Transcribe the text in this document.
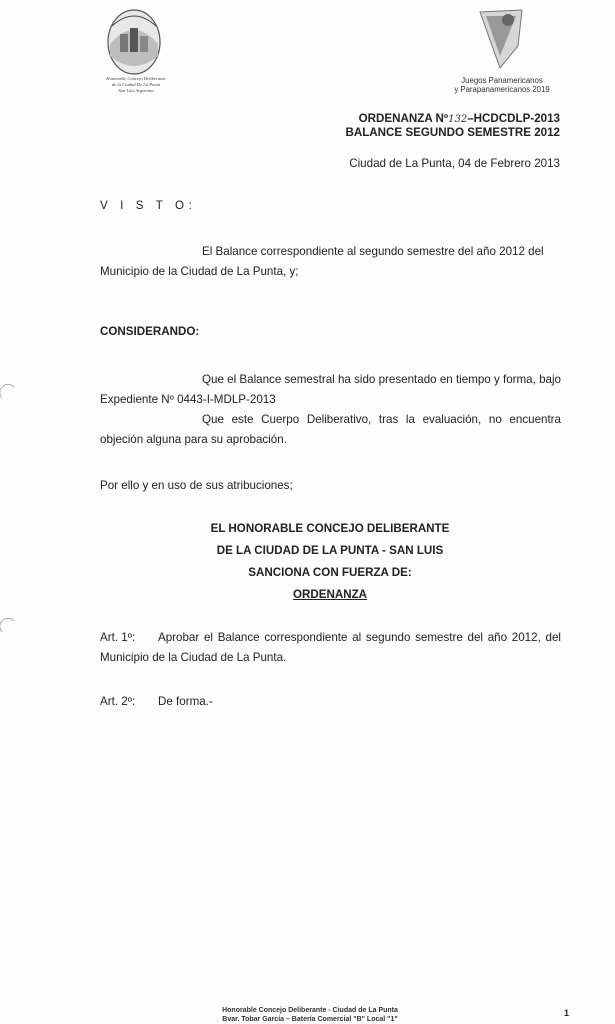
Honorable Concejo Deliberante
de la Ciudad De La Punta
San Luis Argentina
Juegos Panamericanos
y Parapanamericanos 2019
ORDENANZA Nº132–HCDCDLP-2013
BALANCE SEGUNDO SEMESTRE 2012
Ciudad de La Punta, 04 de Febrero 2013
V I S T O:
El Balance correspondiente al segundo semestre del año 2012 del Municipio de la Ciudad de La Punta, y;
CONSIDERANDO:
Que el Balance semestral ha sido presentado en tiempo y forma, bajo Expediente Nº 0443-I-MDLP-2013
Que este Cuerpo Deliberativo, tras la evaluación, no encuentra objeción alguna para su aprobación.
Por ello y en uso de sus atribuciones;
EL HONORABLE CONCEJO DELIBERANTE
DE LA CIUDAD DE LA PUNTA - SAN LUIS
SANCIONA CON FUERZA DE:
ORDENANZA
Art. 1º: Aprobar el Balance correspondiente al segundo semestre del año 2012, del Municipio de la Ciudad de La Punta.
Art. 2º: De forma.-
Honorable Concejo Deliberante - Ciudad de La Punta
Bvar. Tobar García – Batería Comercial "B" Local "1"
1
